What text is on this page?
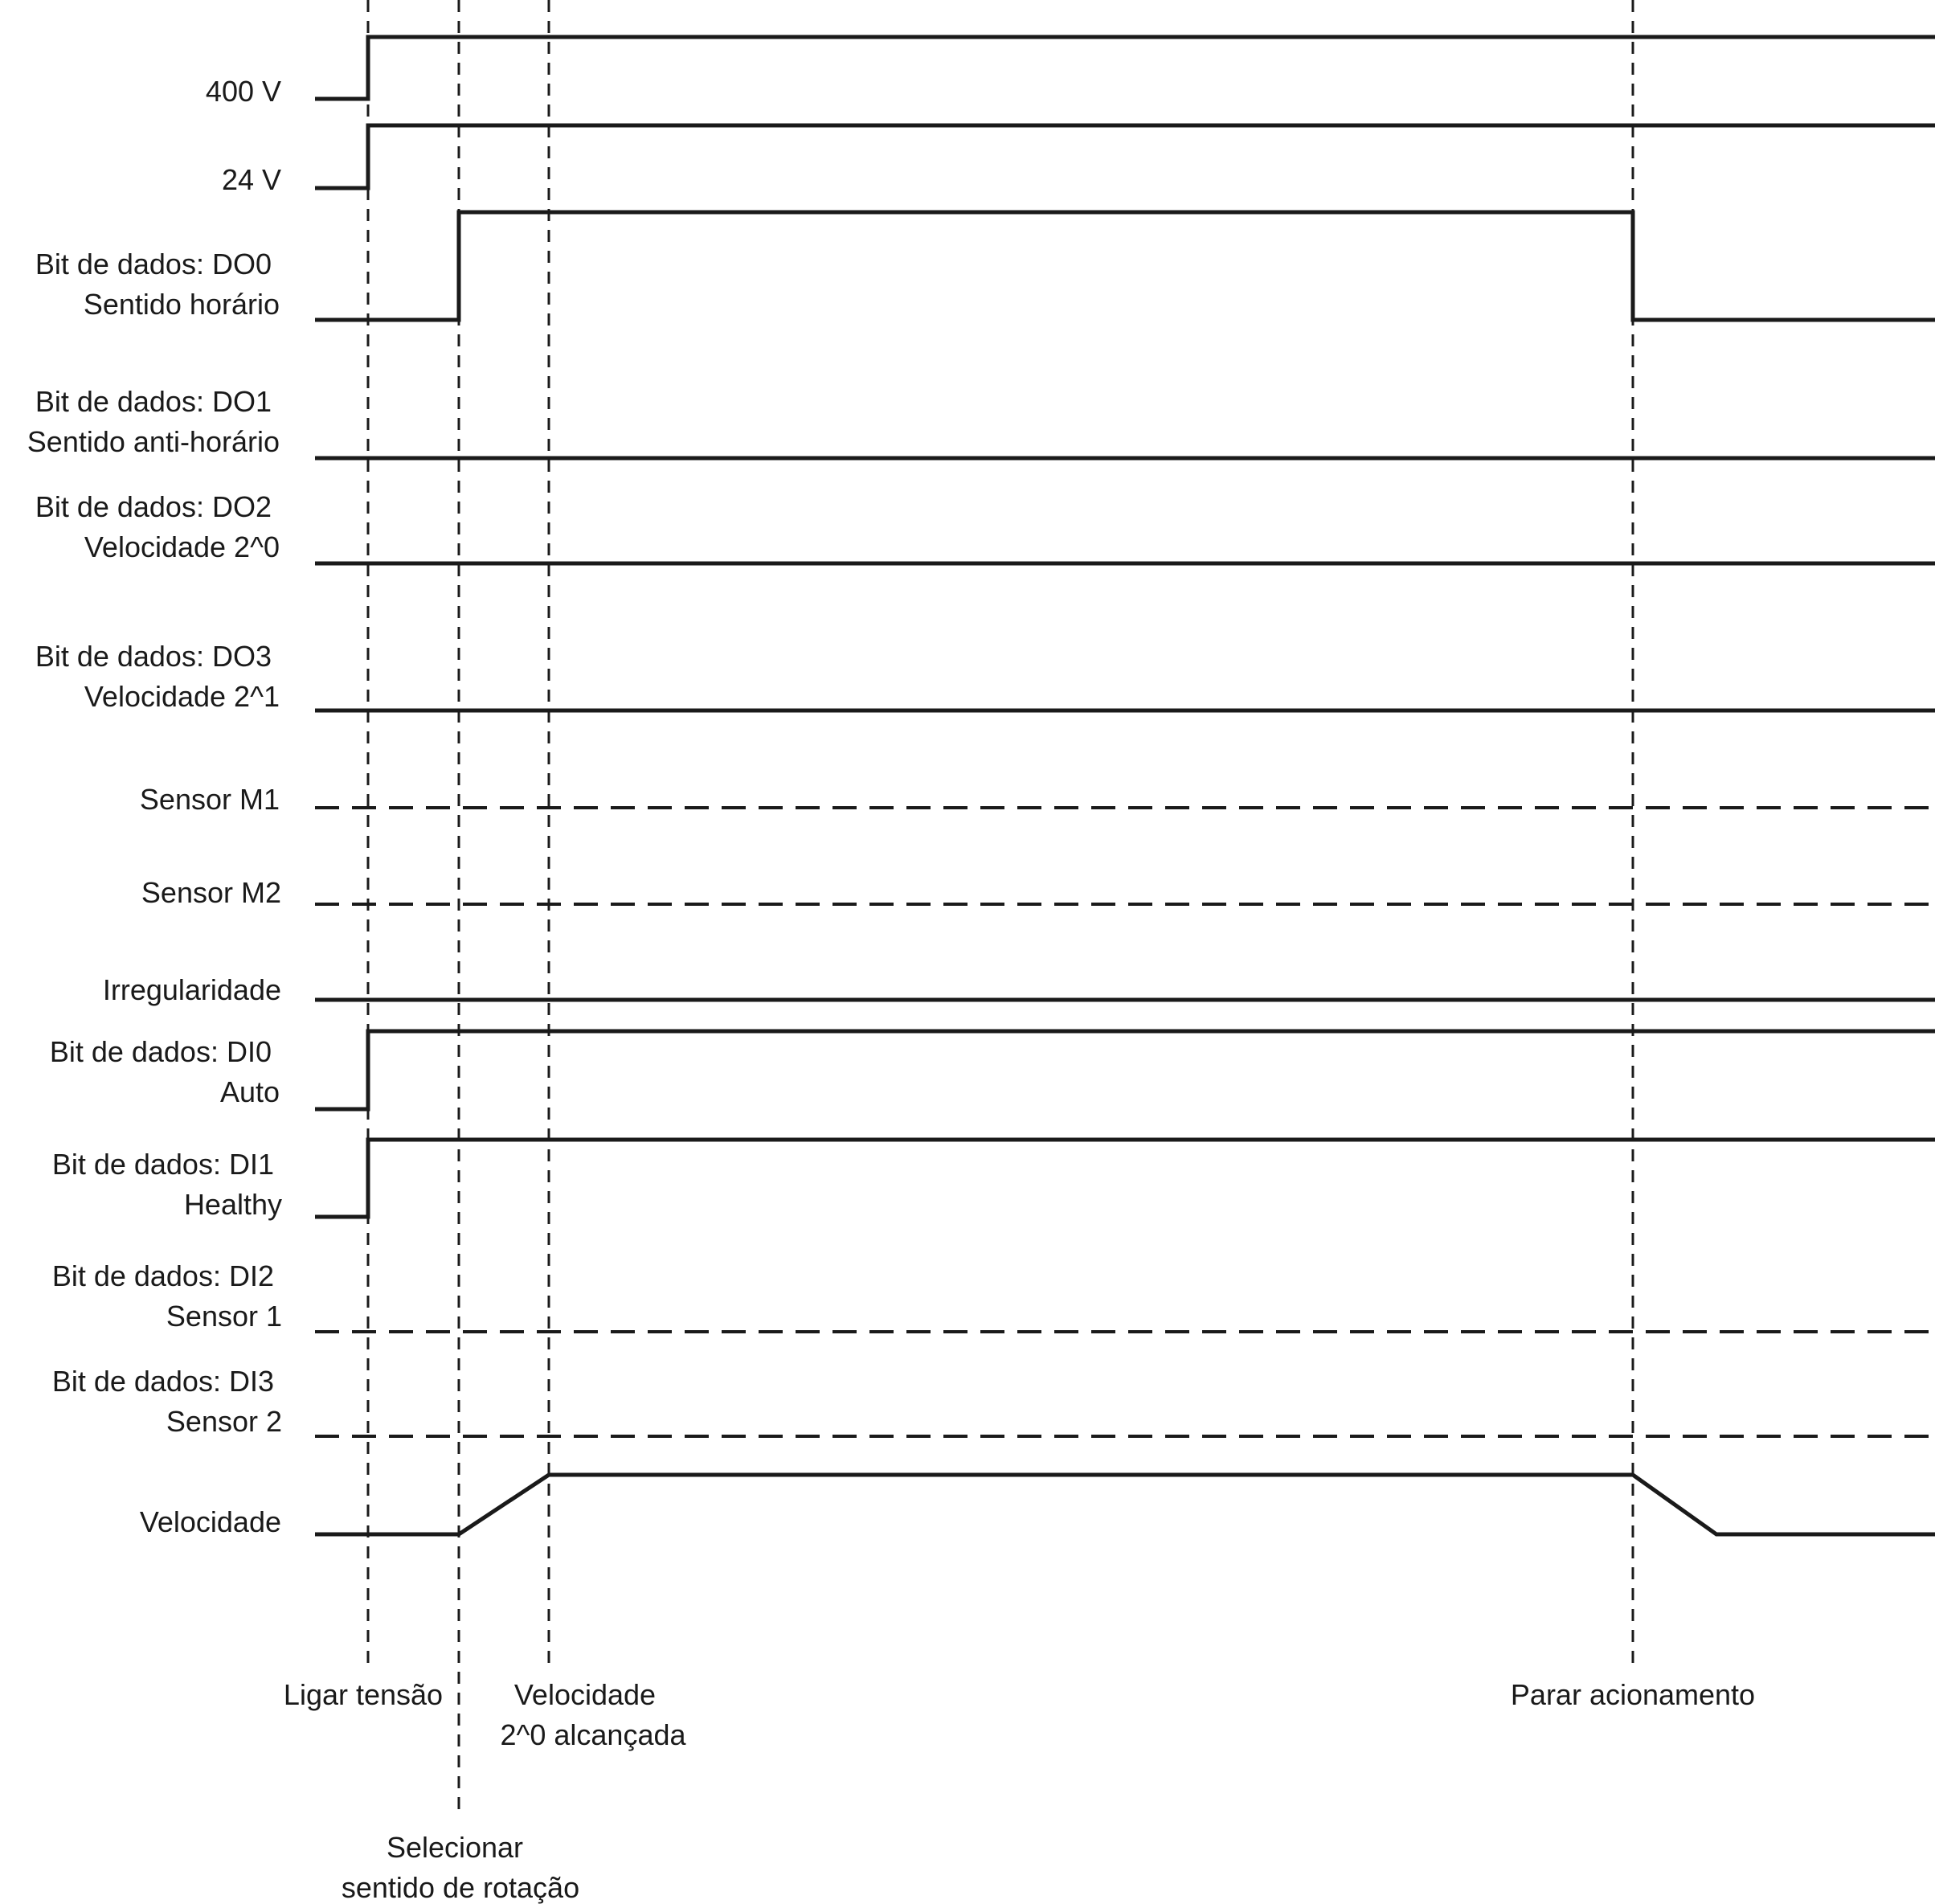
400 V
24 V
Bit de dados: DO0 Sentido horário
Bit de dados: DO1 Sentido anti-horário
Bit de dados: DO2 Velocidade 2^0
Bit de dados: DO3 Velocidade 2^1
Sensor M1
Sensor M2
Irregularidade
Bit de dados: DI0 Auto
Bit de dados: DI1 Healthy
Bit de dados: DI2 Sensor 1
Bit de dados: DI3 Sensor 2
Velocidade
Ligar tensão
Selecionar sentido de rotação
Velocidade 2^0 alcançada
Parar acionamento
